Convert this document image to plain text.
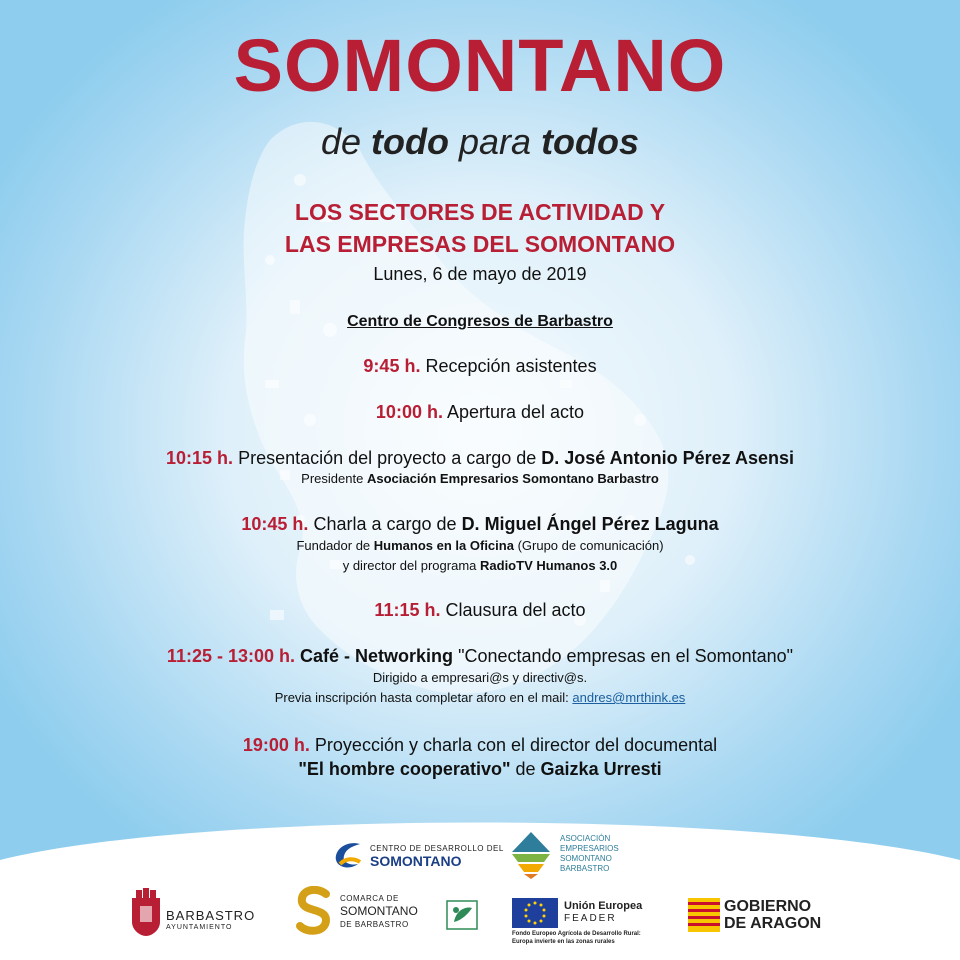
SOMONTANO
de todo para todos
LOS SECTORES DE ACTIVIDAD Y
LAS EMPRESAS DEL SOMONTANO
Lunes, 6 de mayo de 2019
Centro de Congresos de Barbastro
9:45 h. Recepción asistentes
10:00 h. Apertura del acto
10:15 h. Presentación del proyecto a cargo de D. José Antonio Pérez Asensi
Presidente Asociación Empresarios Somontano Barbastro
10:45 h. Charla a cargo de D. Miguel Ángel Pérez Laguna
Fundador de Humanos en la Oficina (Grupo de comunicación)
y director del programa RadioTV Humanos 3.0
11:15 h. Clausura del acto
11:25 - 13:00 h. Café - Networking "Conectando empresas en el Somontano"
Dirigido a empresari@s y directiv@s.
Previa inscripción hasta completar aforo en el mail: andres@mrthink.es
19:00 h. Proyección y charla con el director del documental
"El hombre cooperativo" de Gaizka Urresti
CENTRO DE DESARROLLO DEL
SOMONTANO
ASOCIACIÓN
EMPRESARIOS
SOMONTANO
BARBASTRO
BARBASTRO
AYUNTAMIENTO
COMARCA DE
SOMONTANO
DE BARBASTRO
Unión Europea
FEADER
Fondo Europeo Agrícola de Desarrollo Rural:
Europa invierte en las zonas rurales
GOBIERNO
DE ARAGON
